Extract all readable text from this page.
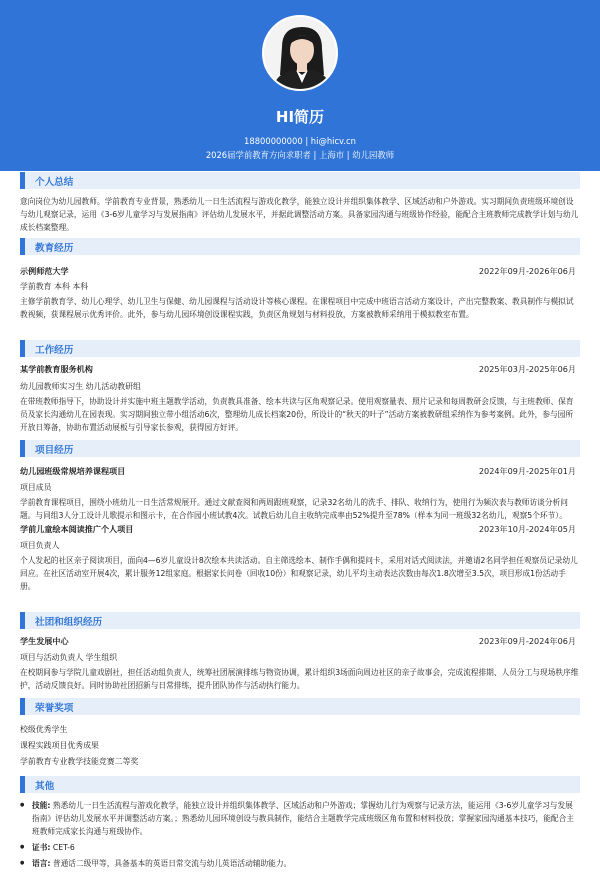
HI简历
18800000000 | hi@hicv.cn
2026届学前教育方向求职者 | 上海市 | 幼儿园教师
个人总结
意向岗位为幼儿园教师。学前教育专业背景，熟悉幼儿一日生活流程与游戏化教学，能独立设计并组织集体教学、区域活动和户外游戏。实习期间负责班级环境创设与幼儿观察记录，运用《3-6岁儿童学习与发展指南》评估幼儿发展水平，并据此调整活动方案。具备家园沟通与班级协作经验，能配合主班教师完成教学计划与幼儿成长档案整理。
教育经历
示例师范大学	2022年09月-2026年06月
学前教育 本科 本科
主修学前教育学、幼儿心理学、幼儿卫生与保健、幼儿园课程与活动设计等核心课程。在课程项目中完成中班语言活动方案设计，产出完整教案、教具制作与模拟试教视频，获课程展示优秀评价。此外，参与幼儿园环境创设课程实践，负责区角规划与材料投放，方案被教师采纳用于模拟教室布置。
工作经历
某学前教育服务机构	2025年03月-2025年06月
幼儿园教师实习生 幼儿活动教研组
在带班教师指导下，协助设计并实施中班主题教学活动，负责教具准备、绘本共读与区角观察记录。使用观察量表、照片记录和每周教研会反馈，与主班教师、保育员及家长沟通幼儿在园表现。实习期间独立带小组活动6次，整理幼儿成长档案20份，所设计的“秋天的叶子”活动方案被教研组采纳作为参考案例。此外，参与园所开放日筹备，协助布置活动展板与引导家长参观，获得园方好评。
项目经历
幼儿园班级常规培养课程项目	2024年09月-2025年01月
项目成员
学前教育课程项目，围绕小班幼儿一日生活常规展开。通过文献查阅和两周跟班观察，记录32名幼儿的洗手、排队、收纳行为，使用行为频次表与教师访谈分析问题。与同组3人分工设计儿歌提示和图示卡，在合作园小班试教4次。试教后幼儿自主收纳完成率由52%提升至78%（样本为同一班级32名幼儿，观察5个环节）。
学前儿童绘本阅读推广个人项目	2023年10月-2024年05月
项目负责人
个人发起的社区亲子阅读项目，面向4—6岁儿童设计8次绘本共读活动。自主筛选绘本、制作手偶和提问卡，采用对话式阅读法，并邀请2名同学担任观察员记录幼儿回应。在社区活动室开展4次，累计服务12组家庭。根据家长问卷（回收10份）和观察记录，幼儿平均主动表达次数由每次1.8次增至3.5次，项目形成1份活动手册。
社团和组织经历
学生发展中心	2023年09月-2024年06月
项目与活动负责人 学生组织
在校期间参与学院儿童戏剧社，担任活动组负责人，统筹社团展演排练与物资协调，累计组织3场面向周边社区的亲子故事会，完成流程排期、人员分工与现场秩序维护，活动反馈良好。同时协助社团招新与日常排练，提升团队协作与活动执行能力。
荣誉奖项
校级优秀学生
课程实践项目优秀成果
学前教育专业教学技能竞赛二等奖
其他
● 技能: 熟悉幼儿一日生活流程与游戏化教学，能独立设计并组织集体教学、区域活动和户外游戏；掌握幼儿行为观察与记录方法，能运用《3-6岁儿童学习与发展指南》评估幼儿发展水平并调整活动方案。；熟悉幼儿园环境创设与教具制作，能结合主题教学完成班级区角布置和材料投放；掌握家园沟通基本技巧，能配合主班教师完成家长沟通与班级协作。
● 证书: CET-6
● 语言: 普通话二级甲等，具备基本的英语日常交流与幼儿英语活动辅助能力。
